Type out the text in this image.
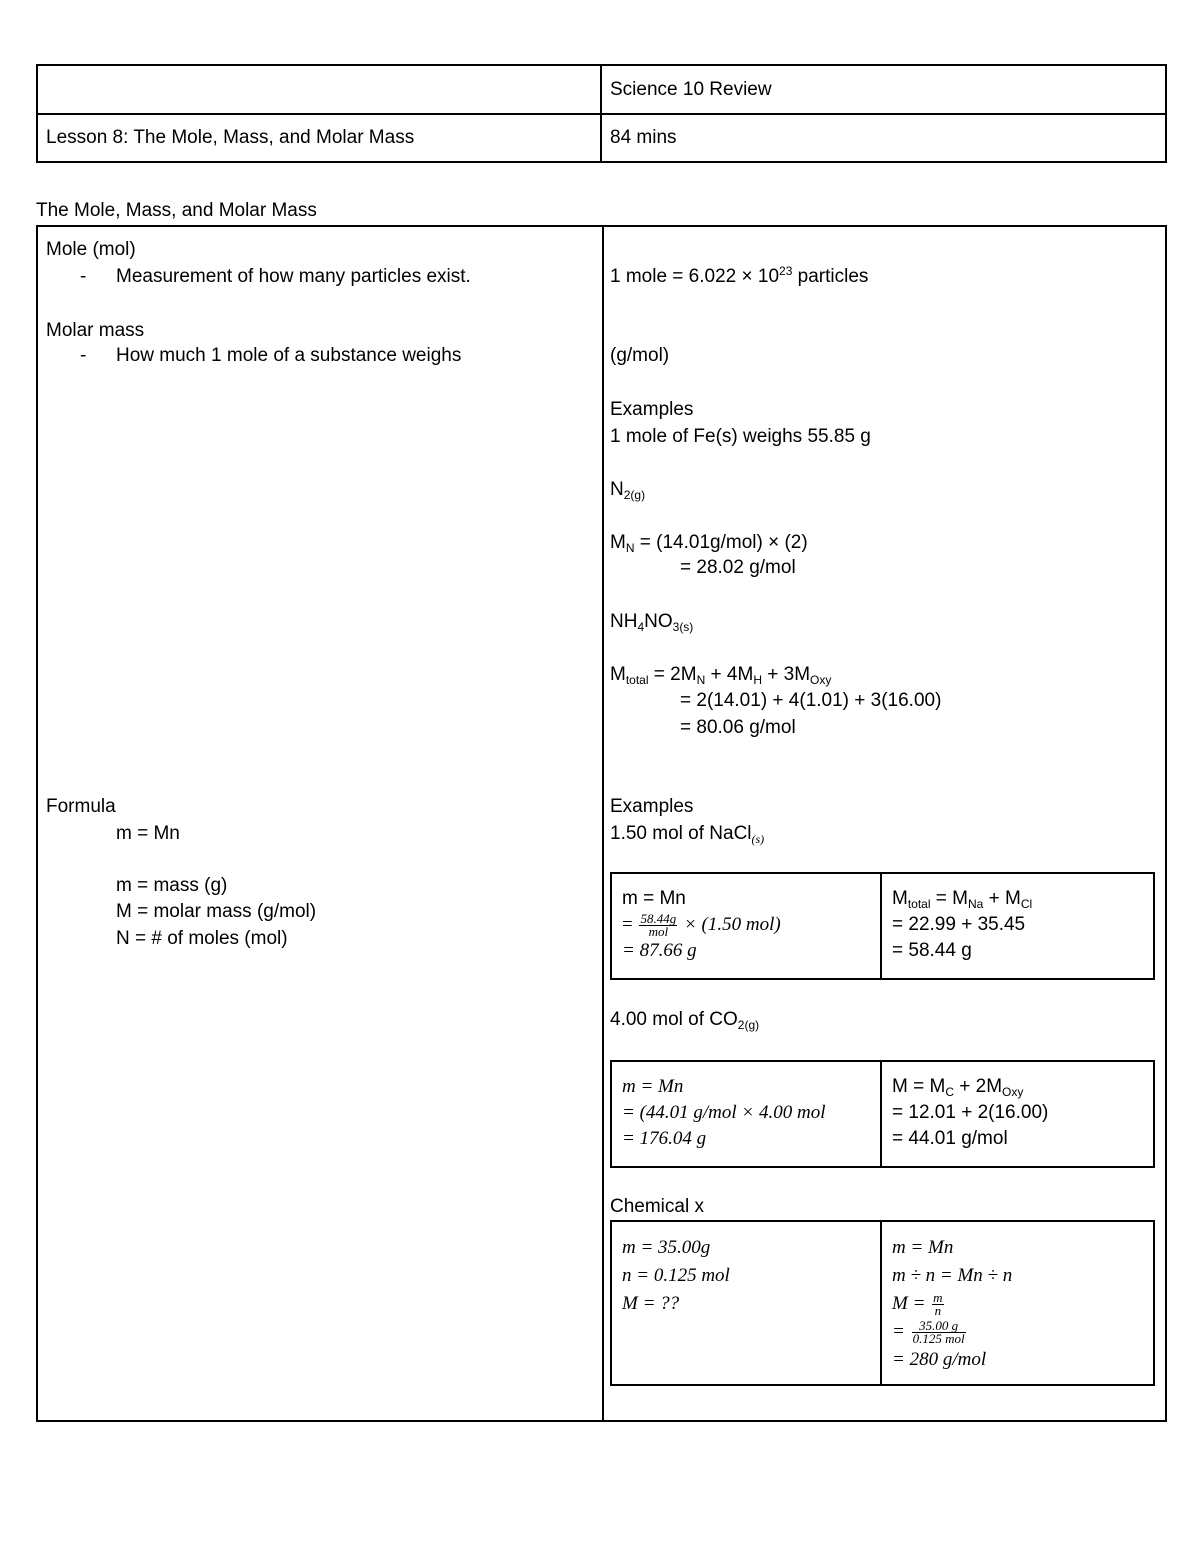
Science 10 Review
Lesson 8: The Mole, Mass, and Molar Mass	84 mins
The Mole, Mass, and Molar Mass
Mole (mol)
- Measurement of how many particles exist.
Molar mass
- How much 1 mole of a substance weighs
Formula
m = Mn
m = mass (g)
M = molar mass (g/mol)
N = # of moles (mol)
1 mole = $6.022 \times 10^{23}$ particles
(g/mol)
Examples
1 mole of Fe(s) weighs 55.85 g
$N_{2(g)}$
$M_N = (14.01g/mol) \times (2)$
= 28.02 g/mol
$NH_4NO_{3(s)}$
$M_{total} = 2M_N + 4M_H + 3M_{Oxy}$
= 2(14.01) + 4(1.01) + 3(16.00)
= 80.06 g/mol
Examples
1.50 mol of NaCl$_{(s)}$
m = Mn
= $\frac{58.44g}{\text{mol}} \times (1.50$ mol)
= 87.66 g
$M_{total} = M_{Na} + M_{Cl}$
= 22.99 + 35.45
= 58.44 g
4.00 mol of $CO_{2(g)}$
m = Mn
= (44.01 g/mol × 4.00 mol
= 176.04 g
$M = M_C + 2M_{Oxy}$
= 12.01 + 2(16.00)
= 44.01 g/mol
Chemical x
m = 35.00g
n = 0.125 mol
M = ??
m = Mn
m ÷ n = Mn ÷ n
$M = \frac{m}{n}$
= $\frac{35.00 g}{\text{0.125 mol}}$
= 280 g/mol
